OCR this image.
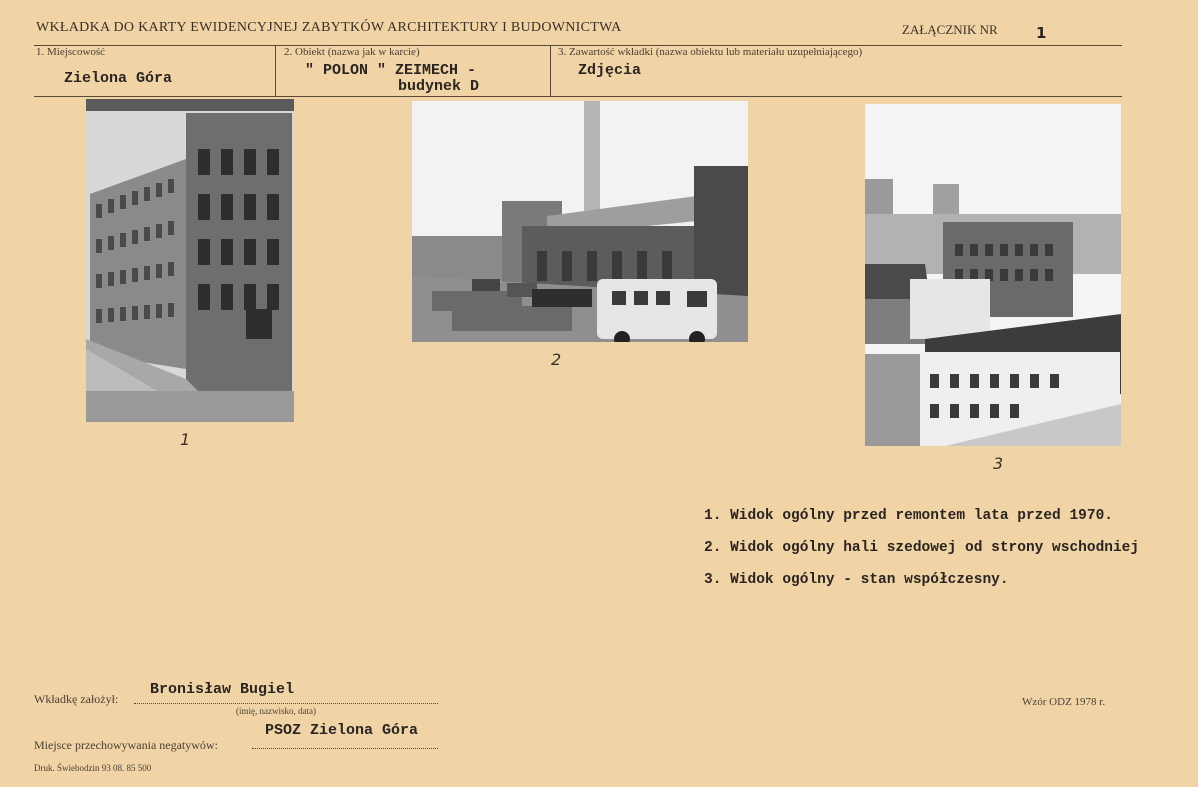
WKŁADKA DO KARTY EWIDENCYJNEJ ZABYTKÓW ARCHITEKTURY I BUDOWNICTWA	ZAŁĄCZNIK NR	1
1. Miejscowość
Zielona Góra
2. Obiekt (nazwa jak w karcie)
" POLON " ZEIMECH -
budynek D
3. Zawartość wkładki (nazwa obiektu lub materiału uzupełniającego)
Zdjęcia
1
2
3
1. Widok ogólny przed remontem lata przed 1970.
2. Widok ogólny hali szedowej od strony wschodniej
3. Widok ogólny - stan współczesny.
Wkładkę założył:
Bronisław Bugiel
(imię, nazwisko, data)
Miejsce przechowywania negatywów:
PSOZ Zielona Góra
Wzór ODZ 1978 r.
Druk. Świebodzin 93 08. 85 500
